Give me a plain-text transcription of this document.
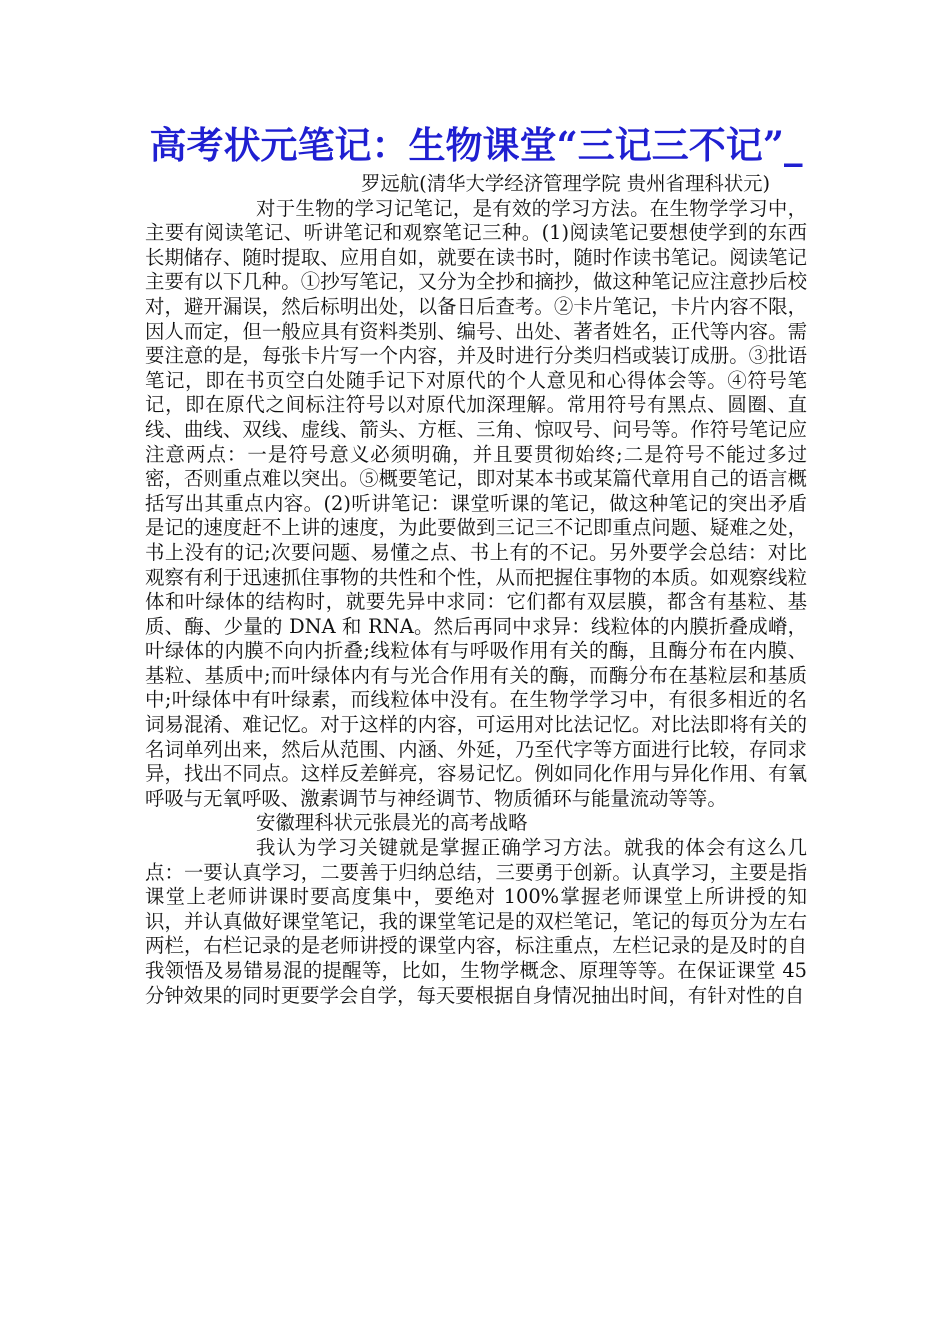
高考状元笔记：生物课堂“三记三不记”_

罗远航(清华大学经济管理学院 贵州省理科状元)

对于生物的学习记笔记，是有效的学习方法。在生物学学习中，主要有阅读笔记、听讲笔记和观察笔记三种。(1)阅读笔记要想使学到的东西长期储存、随时提取、应用自如，就要在读书时，随时作读书笔记。阅读笔记主要有以下几种。①抄写笔记，又分为全抄和摘抄，做这种笔记应注意抄后校对，避开漏误，然后标明出处，以备日后查考。②卡片笔记，卡片内容不限，因人而定，但一般应具有资料类别、编号、出处、著者姓名，正代等内容。需要注意的是，每张卡片写一个内容，并及时进行分类归档或装订成册。③批语笔记，即在书页空白处随手记下对原代的个人意见和心得体会等。④符号笔记，即在原代之间标注符号以对原代加深理解。常用符号有黑点、圆圈、直线、曲线、双线、虚线、箭头、方框、三角、惊叹号、问号等。作符号笔记应注意两点：一是符号意义必须明确，并且要贯彻始终;二是符号不能过多过密，否则重点难以突出。⑤概要笔记，即对某本书或某篇代章用自己的语言概括写出其重点内容。(2)听讲笔记：课堂听课的笔记，做这种笔记的突出矛盾是记的速度赶不上讲的速度，为此要做到三记三不记即重点问题、疑难之处，书上没有的记;次要问题、易懂之点、书上有的不记。另外要学会总结：对比观察有利于迅速抓住事物的共性和个性，从而把握住事物的本质。如观察线粒体和叶绿体的结构时，就要先异中求同：它们都有双层膜，都含有基粒、基质、酶、少量的 DNA 和 RNA。然后再同中求异：线粒体的内膜折叠成嵴，叶绿体的内膜不向内折叠;线粒体有与呼吸作用有关的酶，且酶分布在内膜、基粒、基质中;而叶绿体内有与光合作用有关的酶，而酶分布在基粒层和基质中;叶绿体中有叶绿素，而线粒体中没有。在生物学学习中，有很多相近的名词易混淆、难记忆。对于这样的内容，可运用对比法记忆。对比法即将有关的名词单列出来，然后从范围、内涵、外延，乃至代字等方面进行比较，存同求异，找出不同点。这样反差鲜亮，容易记忆。例如同化作用与异化作用、有氧呼吸与无氧呼吸、激素调节与神经调节、物质循环与能量流动等等。

安徽理科状元张晨光的高考战略

我认为学习关键就是掌握正确学习方法。就我的体会有这么几点：一要认真学习，二要善于归纳总结，三要勇于创新。认真学习，主要是指课堂上老师讲课时要高度集中，要绝对 100%掌握老师课堂上所讲授的知识，并认真做好课堂笔记，我的课堂笔记是的双栏笔记，笔记的每页分为左右两栏，右栏记录的是老师讲授的课堂内容，标注重点，左栏记录的是及时的自我领悟及易错易混的提醒等，比如，生物学概念、原理等等。在保证课堂 45 分钟效果的同时更要学会自学，每天要根据自身情况抽出时间，有针对性的自
